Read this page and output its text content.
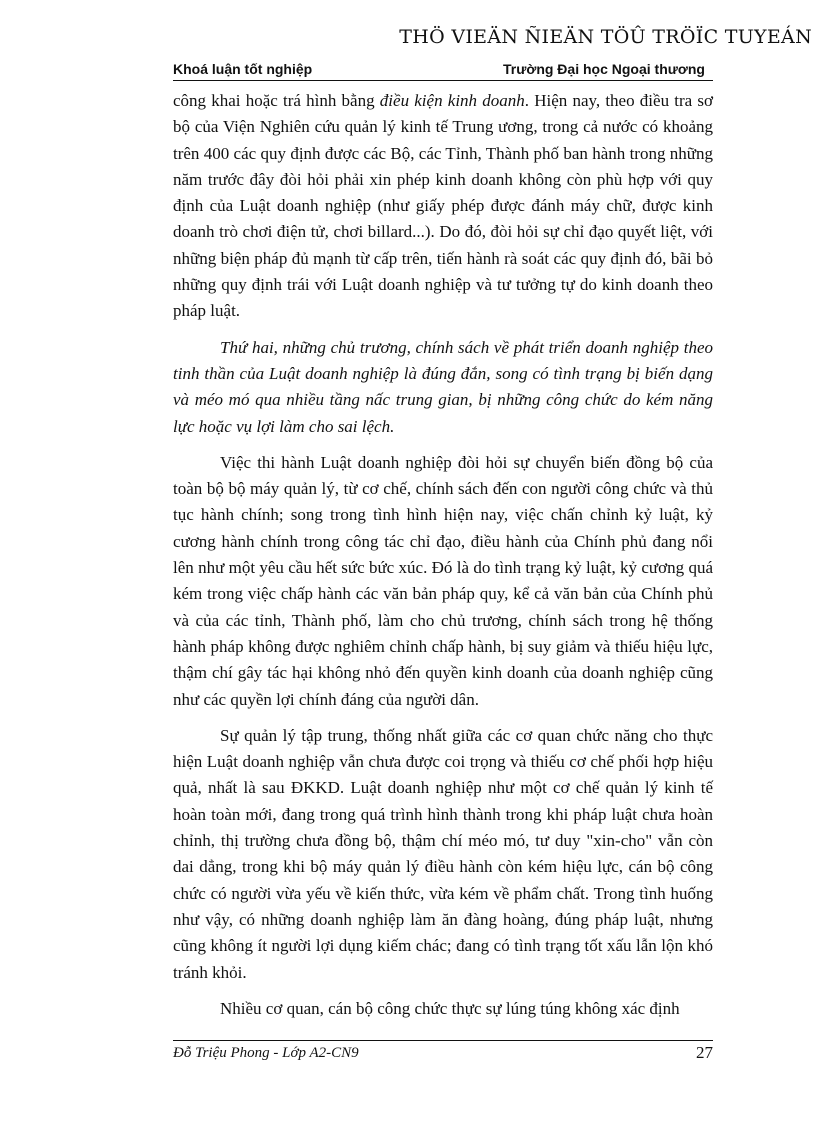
THÖ VIEÄN ÑIEÄN TÖÛ TRÖÏC TUYEÁN
Khoá luận tốt nghiệp	Trường Đại học Ngoại thương

công khai hoặc trá hình bằng điều kiện kinh doanh. Hiện nay, theo điều tra sơ bộ của Viện Nghiên cứu quản lý kinh tế Trung ương, trong cả nước có khoảng trên 400 các quy định được các Bộ, các Tỉnh, Thành phố ban hành trong những năm trước đây đòi hỏi phải xin phép kinh doanh không còn phù hợp với quy định của Luật doanh nghiệp (như giấy phép được đánh máy chữ, được kinh doanh trò chơi điện tử, chơi billard...). Do đó, đòi hỏi sự chỉ đạo quyết liệt, với những biện pháp đủ mạnh từ cấp trên, tiến hành rà soát các quy định đó, bãi bỏ những quy định trái với Luật doanh nghiệp và tư tưởng tự do kinh doanh theo pháp luật.

Thứ hai, những chủ trương, chính sách về phát triển doanh nghiệp theo tinh thần của Luật doanh nghiệp là đúng đắn, song có tình trạng bị biến dạng và méo mó qua nhiều tầng nấc trung gian, bị những công chức do kém năng lực hoặc vụ lợi làm cho sai lệch.

Việc thi hành Luật doanh nghiệp đòi hỏi sự chuyển biến đồng bộ của toàn bộ bộ máy quản lý, từ cơ chế, chính sách đến con người công chức và thủ tục hành chính; song trong tình hình hiện nay, việc chấn chỉnh kỷ luật, kỷ cương hành chính trong công tác chỉ đạo, điều hành của Chính phủ đang nổi lên như một yêu cầu hết sức bức xúc. Đó là do tình trạng kỷ luật, kỷ cương quá kém trong việc chấp hành các văn bản pháp quy, kể cả văn bản của Chính phủ và của các tỉnh, Thành phố, làm cho chủ trương, chính sách trong hệ thống hành pháp không được nghiêm chỉnh chấp hành, bị suy giảm và thiếu hiệu lực, thậm chí gây tác hại không nhỏ đến quyền kinh doanh của doanh nghiệp cũng như các quyền lợi chính đáng của người dân.

Sự quản lý tập trung, thống nhất giữa các cơ quan chức năng cho thực hiện Luật doanh nghiệp vẫn chưa được coi trọng và thiếu cơ chế phối hợp hiệu quả, nhất là sau ĐKKD. Luật doanh nghiệp như một cơ chế quản lý kinh tế hoàn toàn mới, đang trong quá trình hình thành trong khi pháp luật chưa hoàn chỉnh, thị trường chưa đồng bộ, thậm chí méo mó, tư duy "xin-cho" vẫn còn dai dẳng, trong khi bộ máy quản lý điều hành còn kém hiệu lực, cán bộ công chức có người vừa yếu về kiến thức, vừa kém về phẩm chất. Trong tình huống như vậy, có những doanh nghiệp làm ăn đàng hoàng, đúng pháp luật, nhưng cũng không ít người lợi dụng kiếm chác; đang có tình trạng tốt xấu lẫn lộn khó tránh khỏi.

Nhiều cơ quan, cán bộ công chức thực sự lúng túng không xác định

Đỗ Triệu Phong - Lớp A2-CN9	27
